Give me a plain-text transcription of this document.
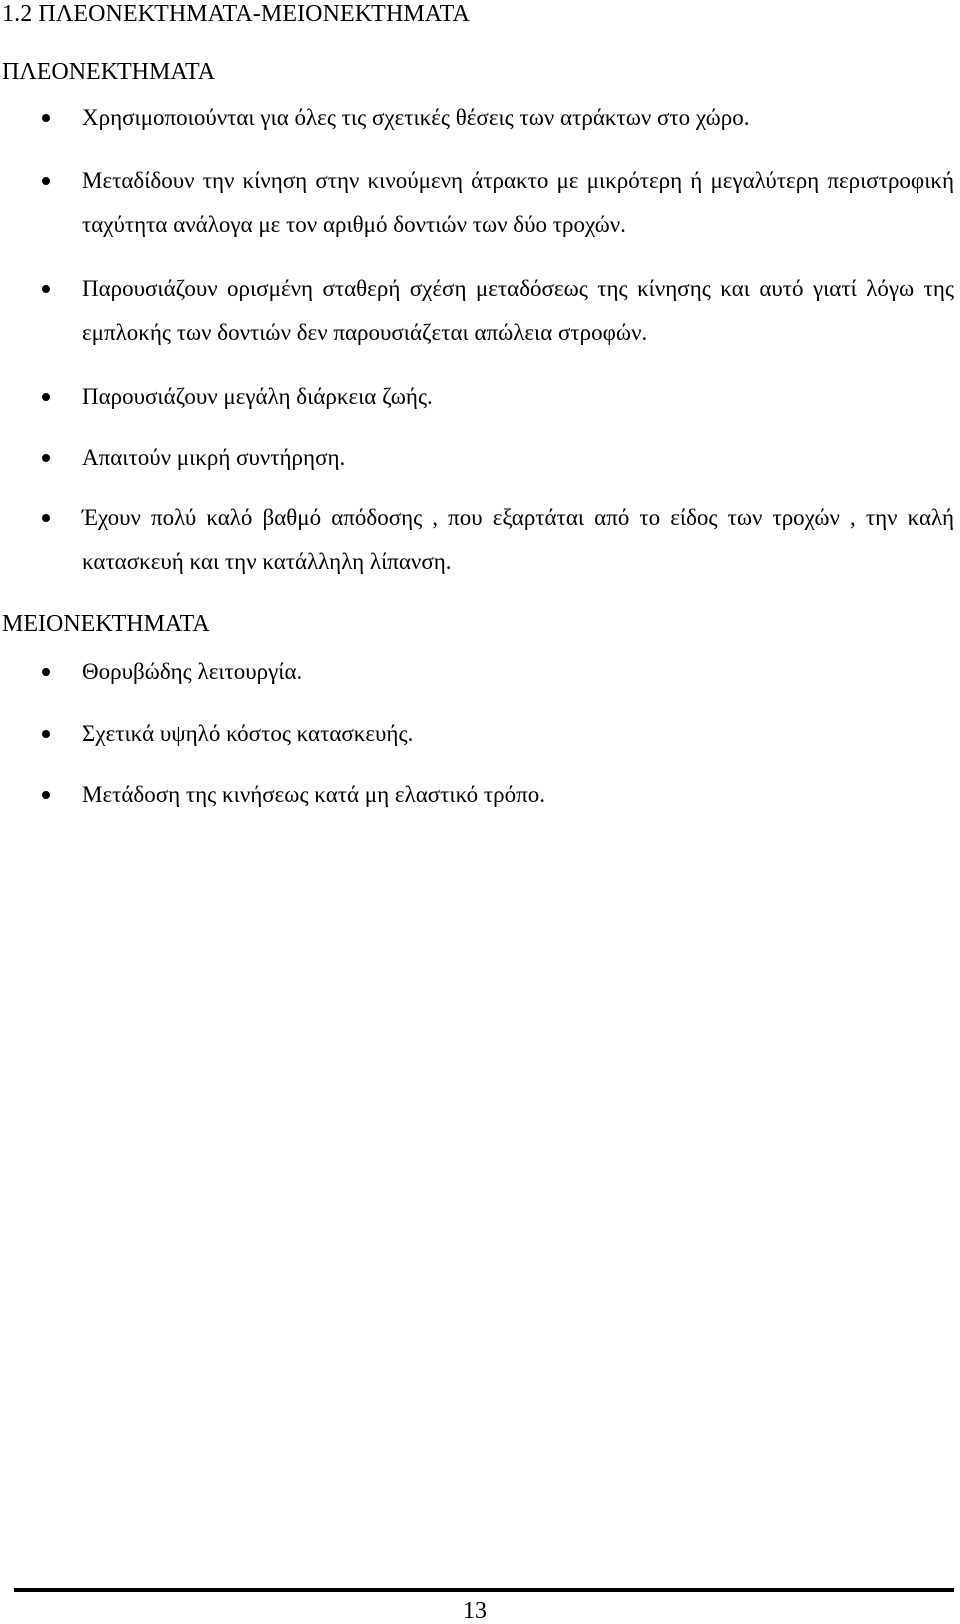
1.2 ΠΛΕΟΝΕΚΤΗΜΑΤΑ-ΜΕΙΟΝΕΚΤΗΜΑΤΑ
ΠΛΕΟΝΕΚΤΗΜΑΤΑ
Χρησιμοποιούνται για όλες τις σχετικές θέσεις των ατράκτων στο χώρο.
Μεταδίδουν την κίνηση στην κινούμενη άτρακτο με μικρότερη ή μεγαλύτερη περιστροφική ταχύτητα ανάλογα με τον αριθμό δοντιών των δύο τροχών.
Παρουσιάζουν ορισμένη σταθερή σχέση μεταδόσεως της κίνησης και αυτό γιατί λόγω της εμπλοκής των δοντιών δεν παρουσιάζεται απώλεια στροφών.
Παρουσιάζουν μεγάλη διάρκεια ζωής.
Απαιτούν μικρή συντήρηση.
Έχουν πολύ καλό βαθμό απόδοσης , που εξαρτάται από το είδος των τροχών , την καλή κατασκευή και την κατάλληλη λίπανση.
ΜΕΙΟΝΕΚΤΗΜΑΤΑ
Θορυβώδης λειτουργία.
Σχετικά υψηλό κόστος κατασκευής.
Μετάδοση της κινήσεως κατά μη ελαστικό τρόπο.
13
